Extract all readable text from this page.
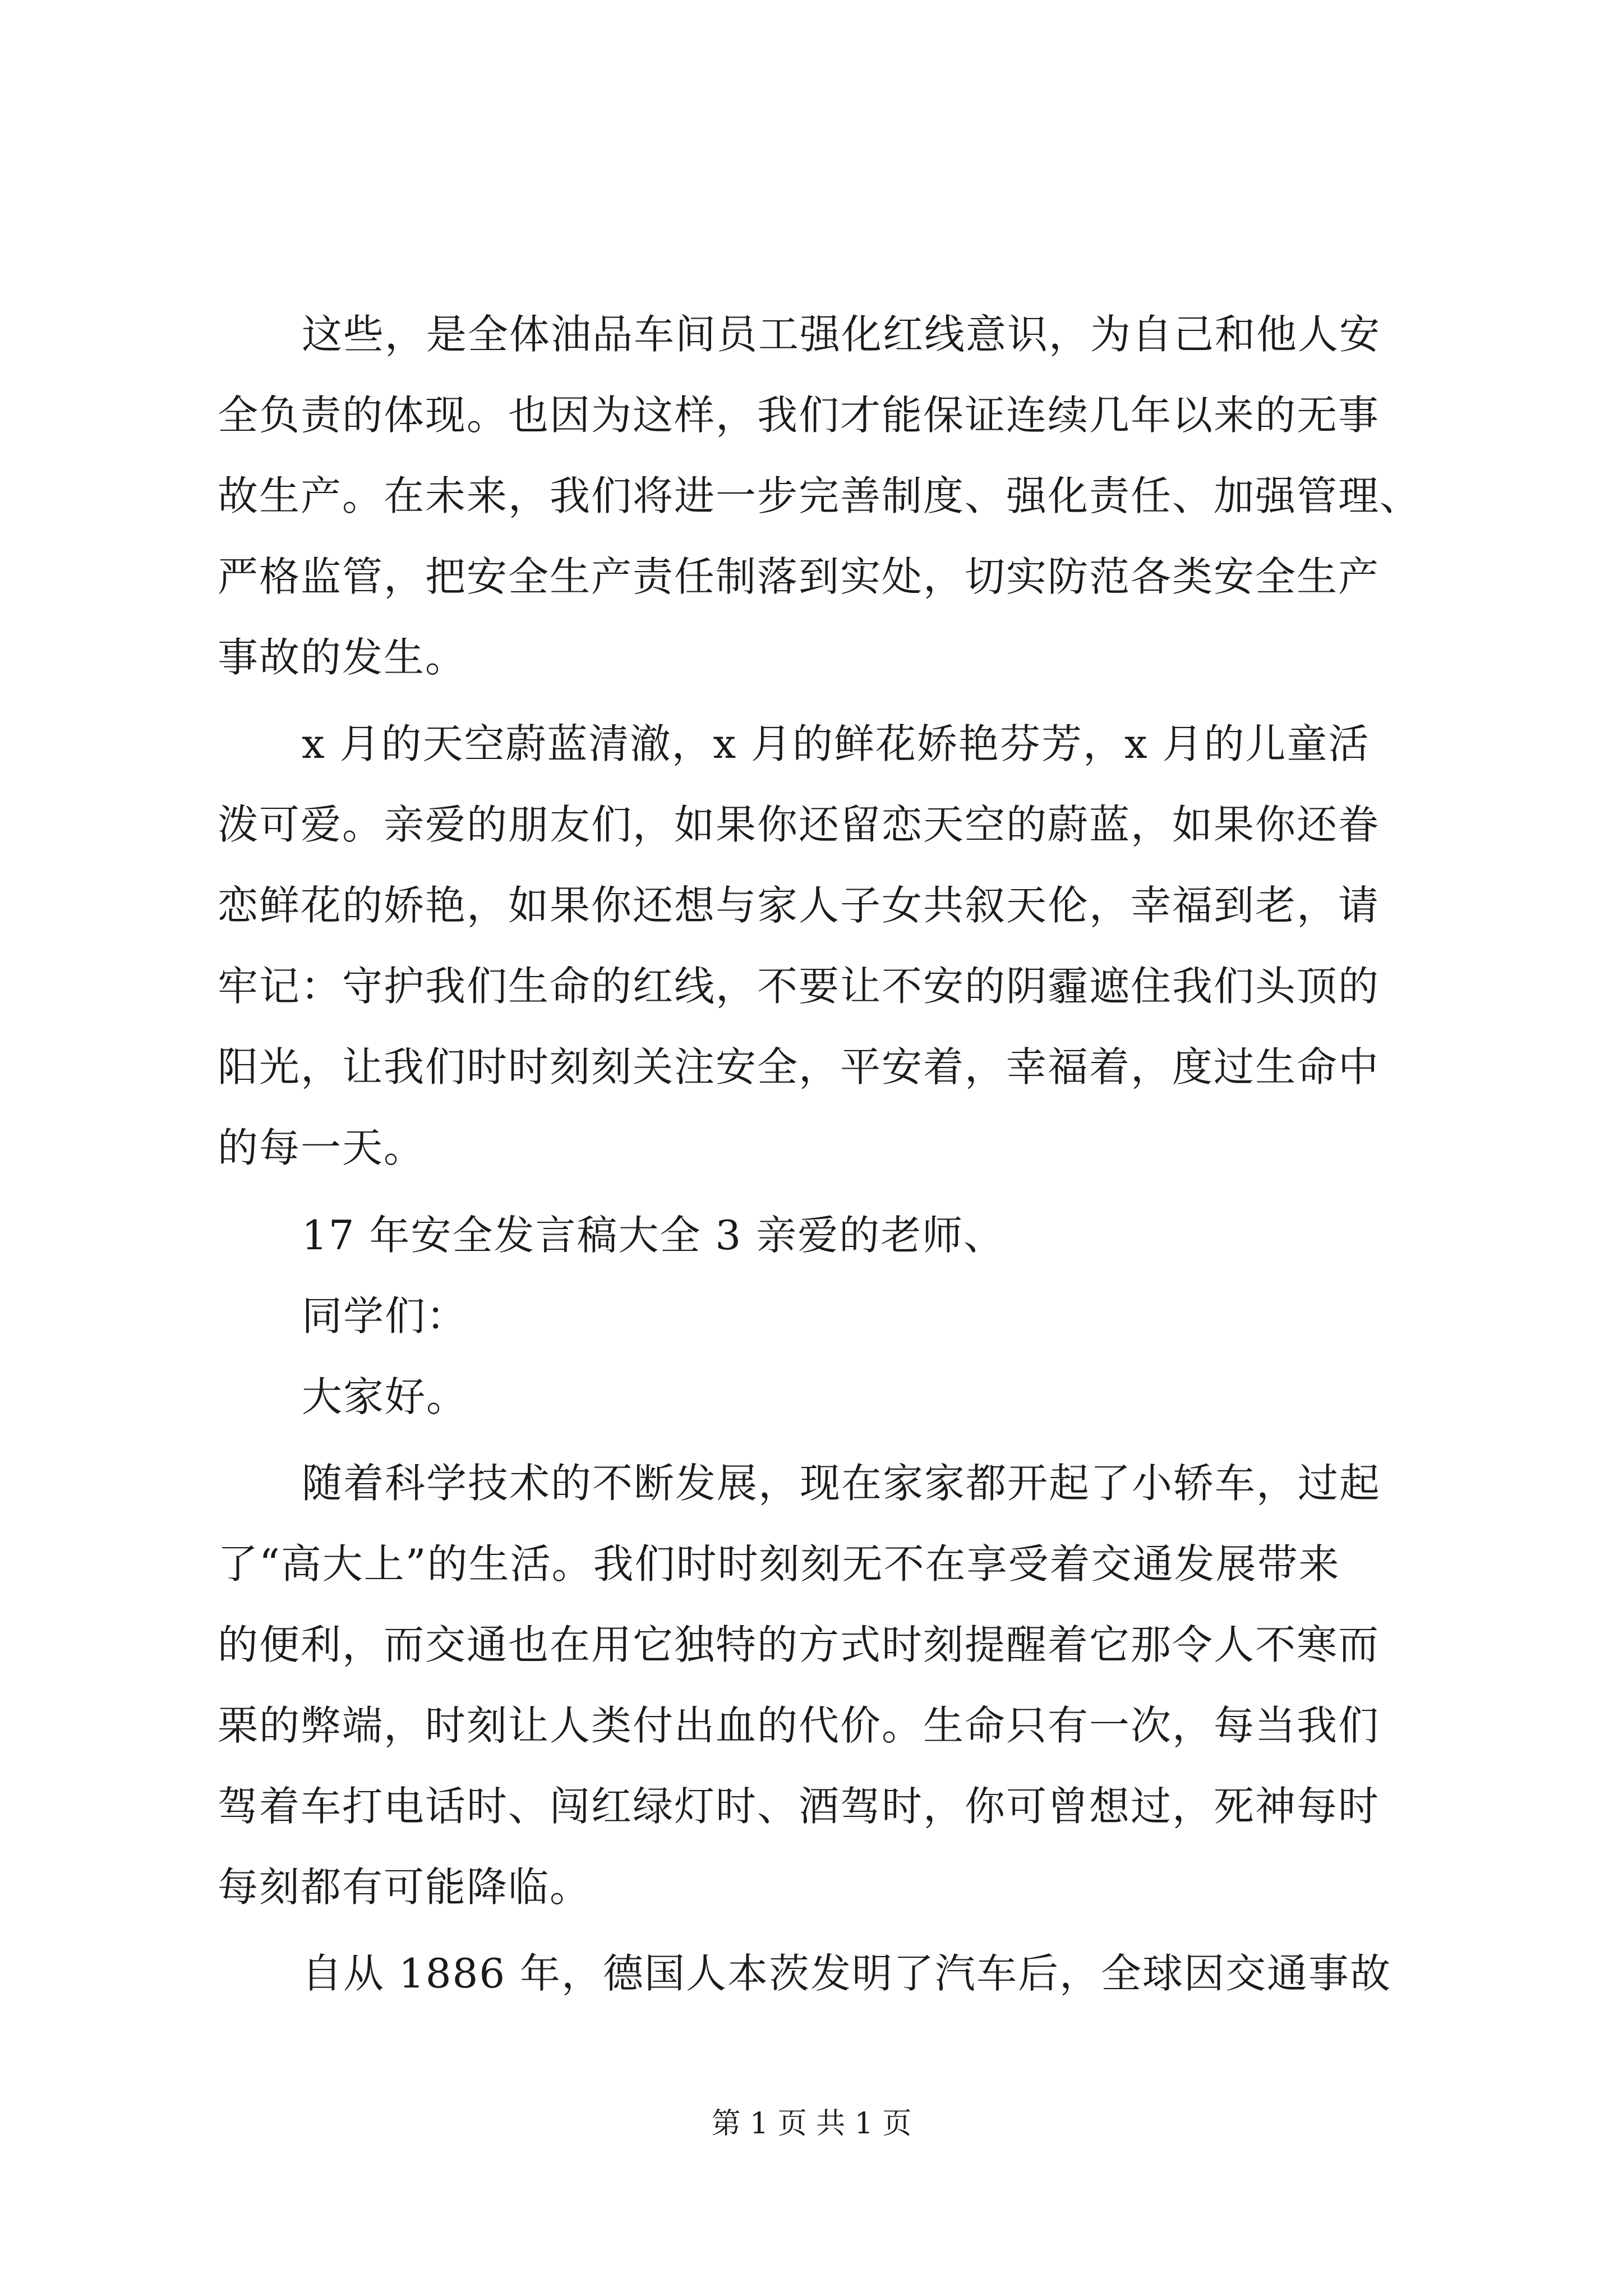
这些，是全体油品车间员工强化红线意识，为自己和他人安
全负责的体现。也因为这样，我们才能保证连续几年以来的无事
故生产。在未来，我们将进一步完善制度、强化责任、加强管理、
严格监管，把安全生产责任制落到实处，切实防范各类安全生产
事故的发生。
x 月的天空蔚蓝清澈，x 月的鲜花娇艳芬芳，x 月的儿童活
泼可爱。亲爱的朋友们，如果你还留恋天空的蔚蓝，如果你还眷
恋鲜花的娇艳，如果你还想与家人子女共叙天伦，幸福到老，请
牢记：守护我们生命的红线，不要让不安的阴霾遮住我们头顶的
阳光，让我们时时刻刻关注安全，平安着，幸福着，度过生命中
的每一天。
17 年安全发言稿大全 3 亲爱的老师、
同学们：
大家好。
随着科学技术的不断发展，现在家家都开起了小轿车，过起
了“高大上”的生活。我们时时刻刻无不在享受着交通发展带来
的便利，而交通也在用它独特的方式时刻提醒着它那令人不寒而
栗的弊端，时刻让人类付出血的代价。生命只有一次，每当我们
驾着车打电话时、闯红绿灯时、酒驾时，你可曾想过，死神每时
每刻都有可能降临。
自从 1886 年，德国人本茨发明了汽车后，全球因交通事故
第 1 页 共 1 页
